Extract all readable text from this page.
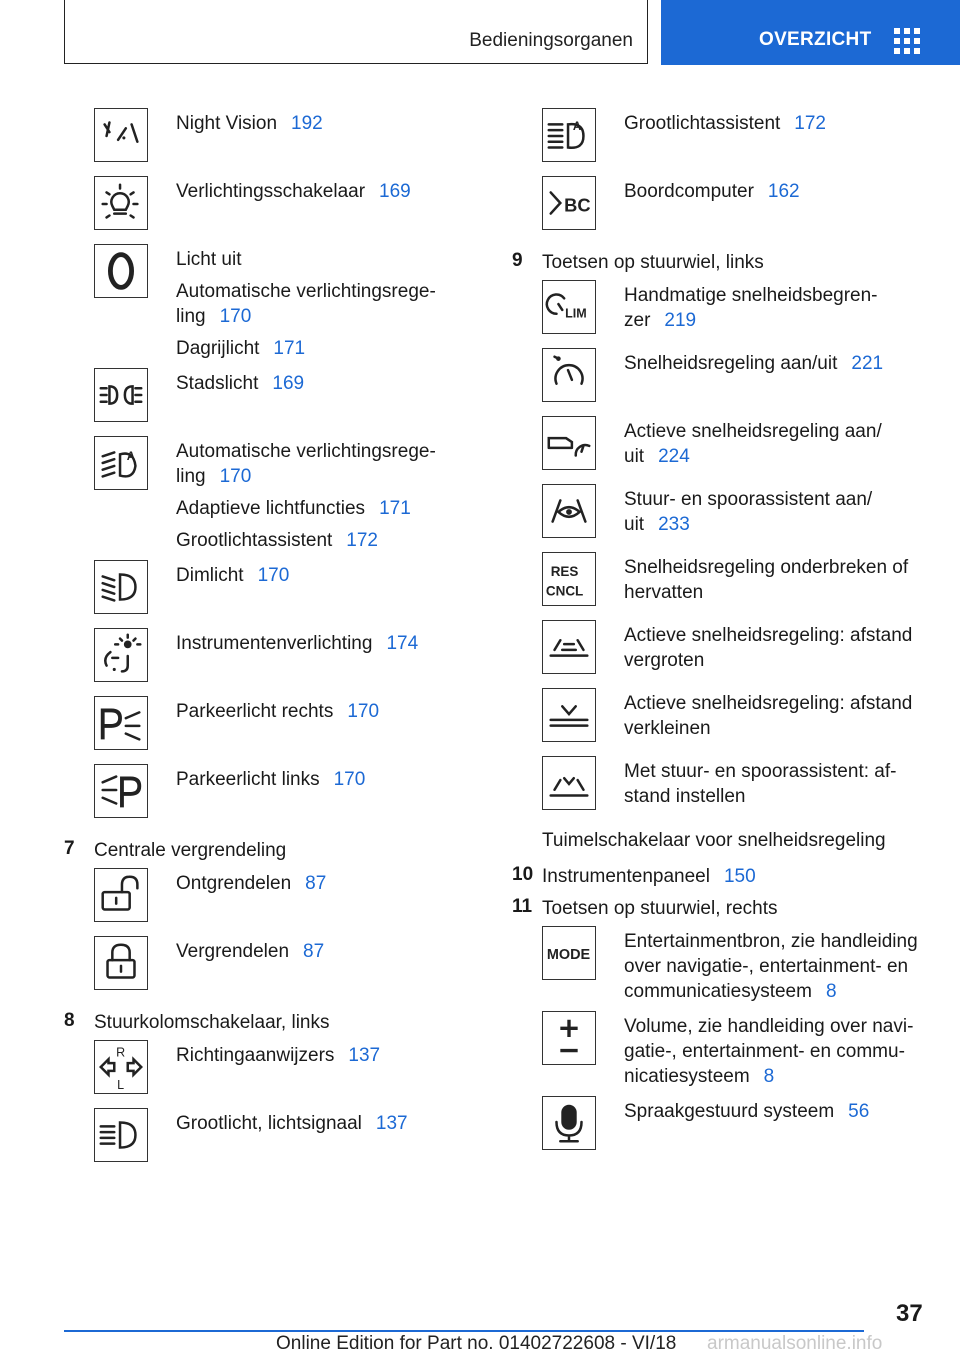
Bedieningsorganen	OVERZICHT

Night Vision 192

Verlichtingsschakelaar 169

Licht uit

Automatische verlichtingsrege-ling 170

Dagrijlicht 171

Stadslicht 169

A Automatische verlichtingsrege-ling 170

Adaptieve lichtfuncties 171

Grootlichtassistent 172

Dimlicht 170

Instrumentenverlichting 174

Parkeerlicht rechts 170

Parkeerlicht links 170

7 Centrale vergrendeling

Ontgrendelen 87

Vergrendelen 87

8 Stuurkolomschakelaar, links
R
L

Richtingaanwijzers 137

Grootlicht, lichtsignaal 137

A Grootlichtassistent 172

BC

Boordcomputer 162

9 Toetsen op stuurwiel, links
LIM

Handmatige snelheidsbegren-zer 219

Snelheidsregeling aan/uit 221

Actieve snelheidsregeling aan/ uit 224

Stuur- en spoorassistent aan/ uit 233

RES
CNCL

Snelheidsregeling onderbreken of hervatten

Actieve snelheidsregeling: afstand vergroten

Actieve snelheidsregeling: afstand verkleinen

Met stuur- en spoorassistent: af-stand instellen

Tuimelschakelaar voor snelheidsregeling
10 Instrumentenpaneel 150
11 Toetsen op stuurwiel, rechts
MODE

Entertainmentbron, zie handleiding over navigatie-, entertainment- en communicatiesysteem 8

Volume, zie handleiding over navi-gatie-, entertainment- en commu-nicatiesysteem 8

Spraakgestuurd systeem 56

37
Online Edition for Part no. 01402722608 - VI/18 armanualsonline.info
